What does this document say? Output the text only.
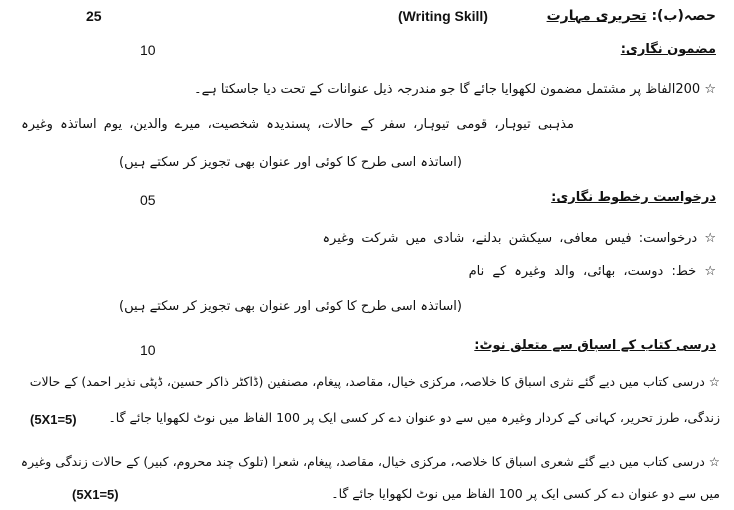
حصہ(ب): تحریری مہارت
(Writing Skill)
25
مضمون نگاری:
10
☆ 200الفاظ پر مشتمل مضمون لکھوایا جائے گا جو مندرجہ ذیل عنوانات کے تحت دیا جاسکتا ہے۔
مذہبی تیوہار، قومی تیوہار، سفر کے حالات، پسندیدہ شخصیت، میرے والدین، یوم اساتذہ وغیرہ
(اساتذہ اسی طرح کا کوئی اور عنوان بھی تجویز کر سکتے ہیں)
درخواست رخطوط نگاری:
05
☆ درخواست: فیس معافی، سیکشن بدلنے، شادی میں شرکت وغیرہ
☆ خط: دوست، بھائی، والد وغیرہ کے نام
(اساتذہ اسی طرح کا کوئی اور عنوان بھی تجویز کر سکتے ہیں)
درسی کتاب کے اسباق سے متعلق نوٹ:
10
☆ درسی کتاب میں دیے گئے نثری اسباق کا خلاصہ، مرکزی خیال، مقاصد، پیغام، مصنفین (ڈاکٹر ذاکر حسین، ڈپٹی نذیر احمد) کے حالات
زندگی، طرز تحریر، کہانی کے کردار وغیرہ میں سے دو عنوان دے کر کسی ایک پر 100 الفاظ میں نوٹ لکھوایا جائے گا۔
(5X1=5)
☆ درسی کتاب میں دیے گئے شعری اسباق کا خلاصہ، مرکزی خیال، مقاصد، پیغام، شعرا (تلوک چند محروم، کبیر) کے حالات زندگی وغیرہ
میں سے دو عنوان دے کر کسی ایک پر 100 الفاظ میں نوٹ لکھوایا جائے گا۔
(5X1=5)
